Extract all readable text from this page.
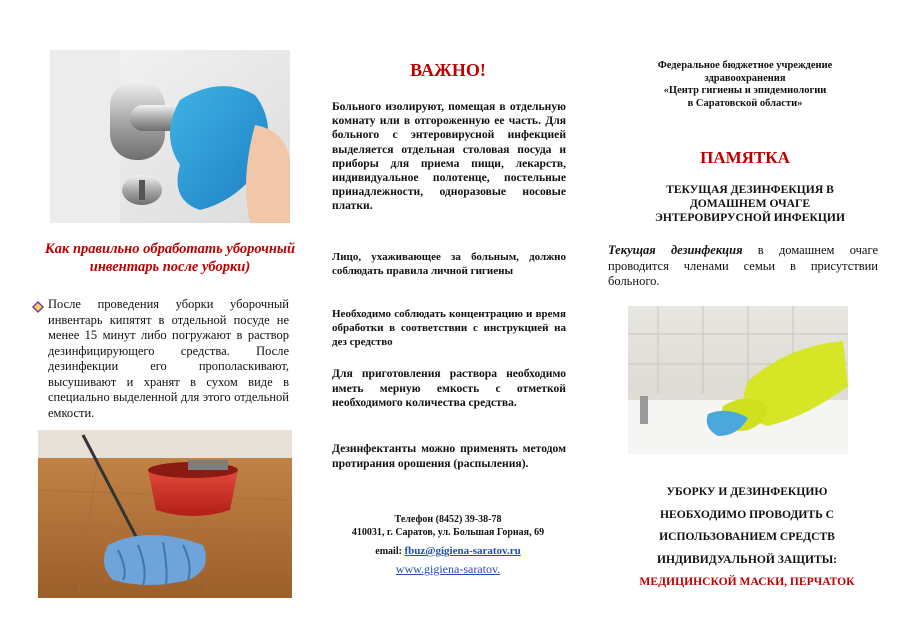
Как правильно обработать уборочный инвентарь после уборки)
После проведения уборки уборочный инвентарь кипятят в отдельной посуде не менее 15 минут либо погружают в раствор дезинфицирующего средства. После дезинфекции его прополаскивают, высушивают и хранят в сухом виде в специально выделенной для этого отдельной емкости.
ВАЖНО!
Больного изолируют, помещая в отдельную комнату или в отгороженную ее часть. Для больного с энтеровирусной инфекцией выделяется отдельная столовая посуда и приборы для приема пищи, лекарств, индивидуальное полотенце, постельные принадлежности, одноразовые носовые платки.
Лицо, ухаживающее за больным, должно соблюдать правила личной гигиены
Необходимо соблюдать концентрацию и время обработки в соответствии с инструкцией на дез средство
Для приготовления раствора необходимо иметь мерную емкость с отметкой необходимого количества средства.
Дезинфектанты можно применять методом протирания орошения (распыления).
Телефон (8452) 39-38-78
410031, г. Саратов, ул. Большая Горная, 69
email: fbuz@gigiena-saratov.ru
www.gigiena-saratov.
Федеральное бюджетное учреждение
здравоохранения
«Центр гигиены и эпидемиологии
в Саратовской области»
ПАМЯТКА
ТЕКУЩАЯ ДЕЗИНФЕКЦИЯ В
ДОМАШНЕМ ОЧАГЕ
ЭНТЕРОВИРУСНОЙ ИНФЕКЦИИ
Текущая дезинфекция в домашнем очаге проводится членами семьи в присутствии больного.
УБОРКУ И ДЕЗИНФЕКЦИЮ
НЕОБХОДИМО ПРОВОДИТЬ С
ИСПОЛЬЗОВАНИЕМ СРЕДСТВ
ИНДИВИДУАЛЬНОЙ ЗАЩИТЫ:
МЕДИЦИНСКОЙ МАСКИ, ПЕРЧАТОК
